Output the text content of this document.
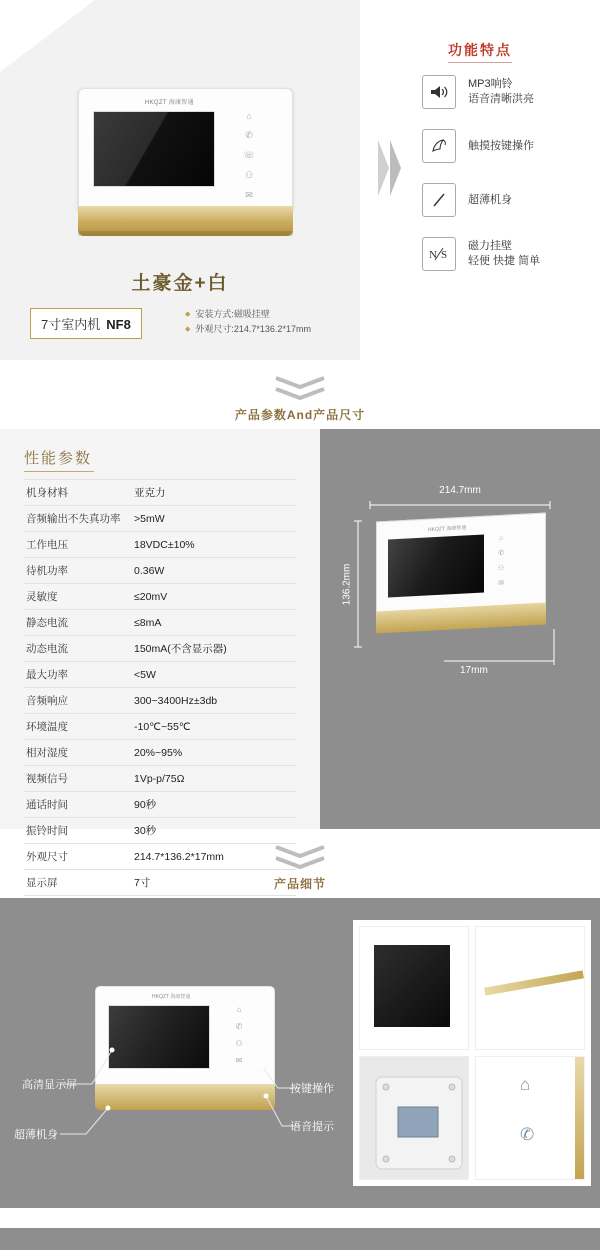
HKQZT 海康智通
⌂
✆
☏
⚇
✉
土豪金+白
7寸室内机 NF8
◆ 安装方式:磁吸挂壁
◆ 外观尺寸:214.7*136.2*17mm
功能特点
MP3响铃
语音清晰洪亮
触摸按键操作
超薄机身
N S
磁力挂壁
轻便 快捷 简单
产品参数And产品尺寸
性能参数
机身材料	亚克力
音频输出不失真功率	>5mW
工作电压	18VDC±10%
待机功率	0.36W
灵敏度	≤20mV
静态电流	≤8mA
动态电流	150mA(不含显示器)
最大功率	<5W
音频响应	300~3400Hz±3db
环境温度	-10℃~55℃
相对湿度	20%~95%
视频信号	1Vp-p/75Ω
通话时间	90秒
振铃时间	30秒
外观尺寸	214.7*136.2*17mm
显示屏	7寸

214.7mm
136.2mm
HKQZT 海康智通
⌂
✆
⚇
✉
17mm
产品细节
HKQZT 海康智通
⌂
✆
⚇
✉
高清显示屏
超薄机身
按键操作
语音提示
⌂
✆
